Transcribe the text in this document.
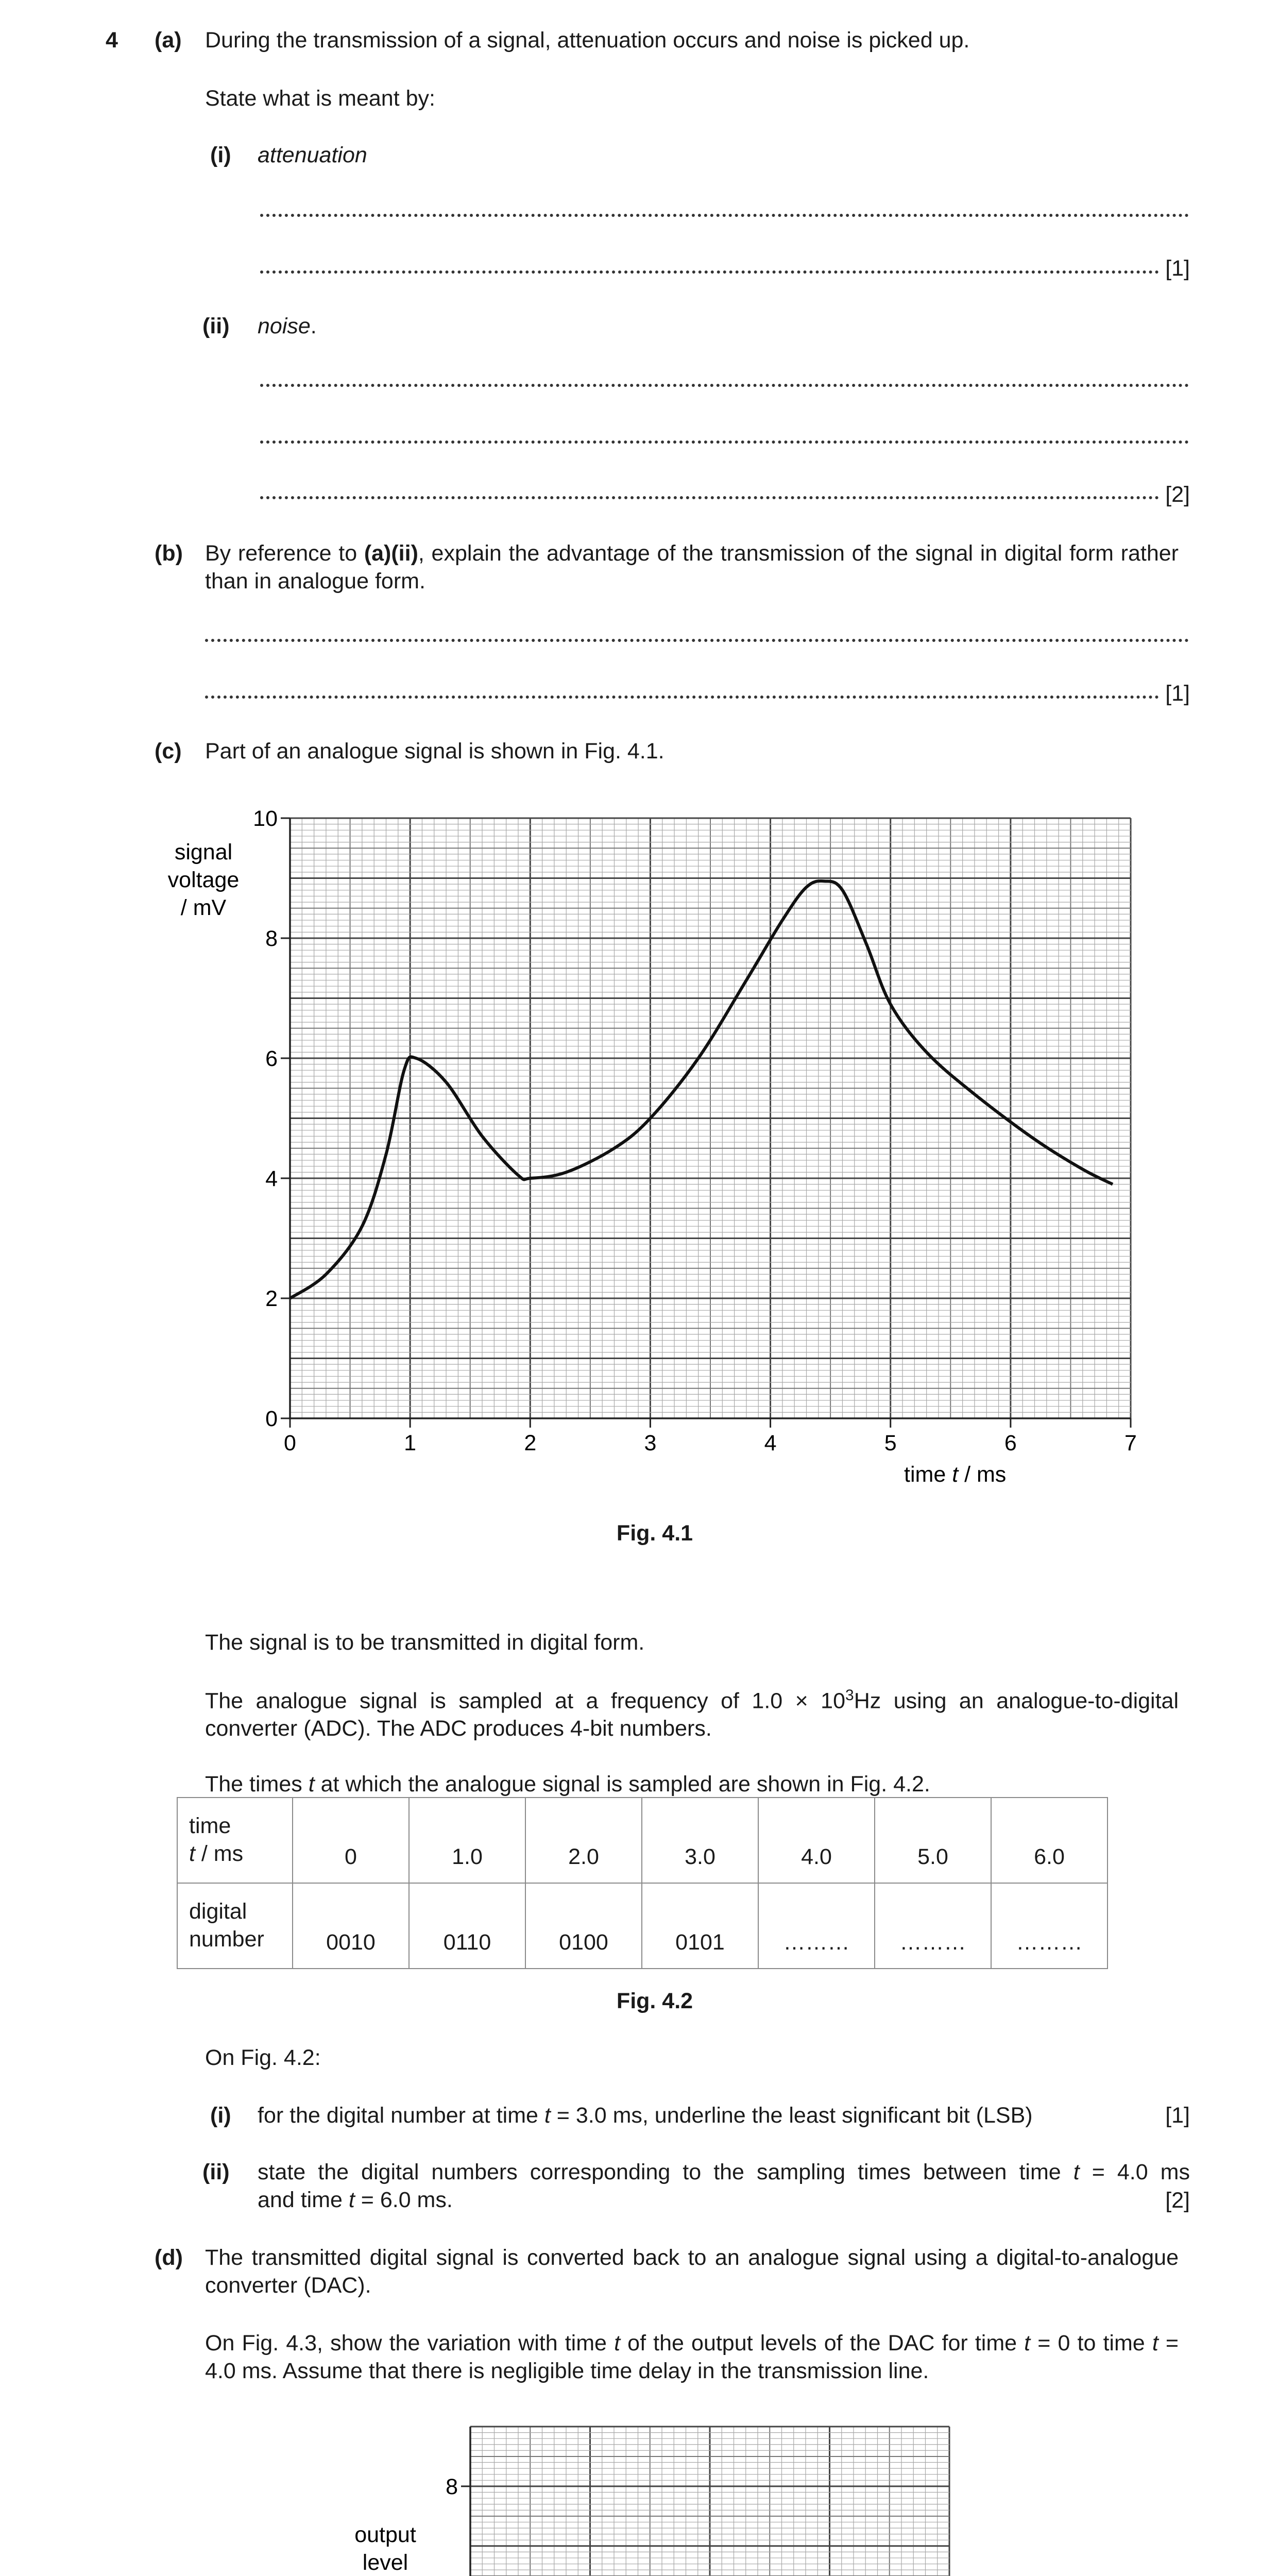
4 (a) During the transmission of a signal, attenuation occurs and noise is picked up.
State what is meant by:
(i) attenuation
[1]
(ii) noise.
[2]
(b) By reference to (a)(ii), explain the advantage of the transmission of the signal in digital form rather than in analogue form.
[1]
(c) Part of an analogue signal is shown in Fig. 4.1.
0	1	2	3	4	5	6	7
0
2
4
6
8
10
signal
voltage
/ mV
time t / ms
Fig. 4.1
The signal is to be transmitted in digital form.
The analogue signal is sampled at a frequency of $1.0 \times 10^3Hz$ using an analogue-to-digital converter (ADC). The ADC produces 4-bit numbers.
The times t at which the analogue signal is sampled are shown in Fig. 4.2.
time
t / ms	0	1.0	2.0	3.0	4.0	5.0	6.0

digital
number	0010	0110	0100	0101	………	………	………
Fig. 4.2
On Fig. 4.2:
(i) for the digital number at time t = 3.0 ms, underline the least significant bit (LSB)	[1]
(ii) state the digital numbers corresponding to the sampling times between time t = 4.0 ms
and time t = 6.0 ms.	[2]
(d) The transmitted digital signal is converted back to an analogue signal using a digital-to-analogue converter (DAC).
On Fig. 4.3, show the variation with time t of the output levels of the DAC for time t = 0 to time t = 4.0 ms. Assume that there is negligible time delay in the transmission line.
8
output
level
